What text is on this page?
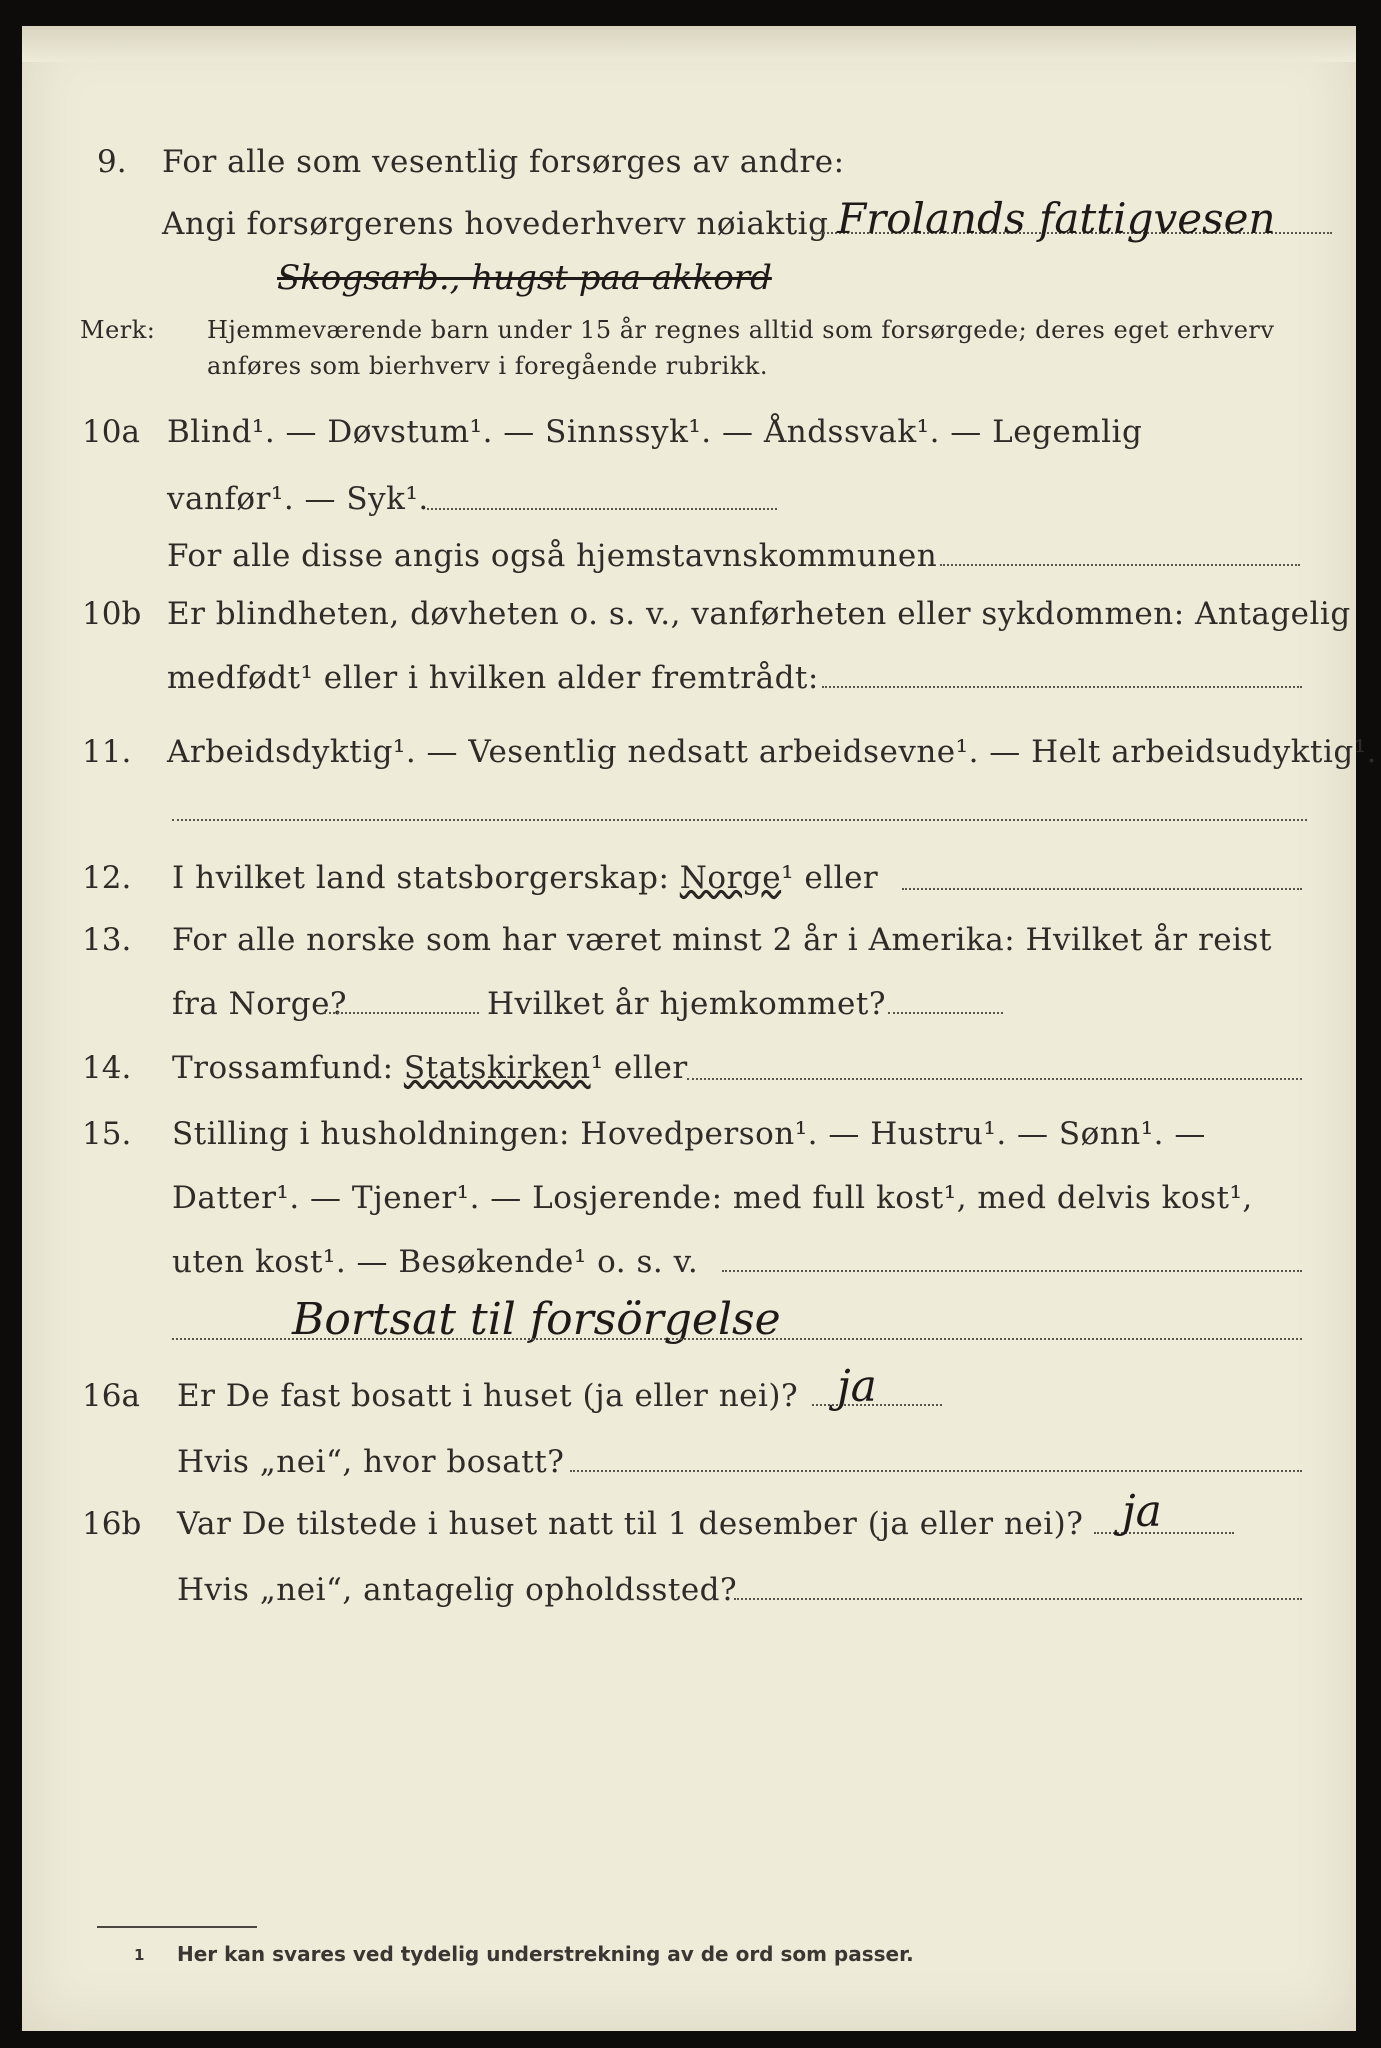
9. For alle som vesentlig forsørges av andre:
Angi forsørgerens hovederhverv nøiaktig Frolands fattigvesen
Skogsarb., hugst paa akkord
Merk: Hjemmeværende barn under 15 år regnes alltid som forsørgede; deres eget erhverv
anføres som bierhverv i foregående rubrikk.
10a Blind¹. — Døvstum¹. — Sinnssyk¹. — Åndssvak¹. — Legemlig
vanfør¹. — Syk¹.
For alle disse angis også hjemstavnskommunen
10b Er blindheten, døvheten o. s. v., vanførheten eller sykdommen: Antagelig
medfødt¹ eller i hvilken alder fremtrådt:
11. Arbeidsdyktig¹. — Vesentlig nedsatt arbeidsevne¹. — Helt arbeidsudyktig¹.
12. I hvilket land statsborgerskap: Norge¹ eller
13. For alle norske som har været minst 2 år i Amerika: Hvilket år reist
fra Norge?	Hvilket år hjemkommet?
14. Trossamfund: Statskirken¹ eller
15. Stilling i husholdningen: Hovedperson¹. — Hustru¹. — Sønn¹. —
Datter¹. — Tjener¹. — Losjerende: med full kost¹, med delvis kost¹,
uten kost¹. — Besøkende¹ o. s. v.
Bortsat til forsörgelse
16a Er De fast bosatt i huset (ja eller nei)? ja
Hvis „nei“, hvor bosatt?
16b Var De tilstede i huset natt til 1 desember (ja eller nei)? ja
Hvis „nei“, antagelig opholdssted?
1 Her kan svares ved tydelig understrekning av de ord som passer.
